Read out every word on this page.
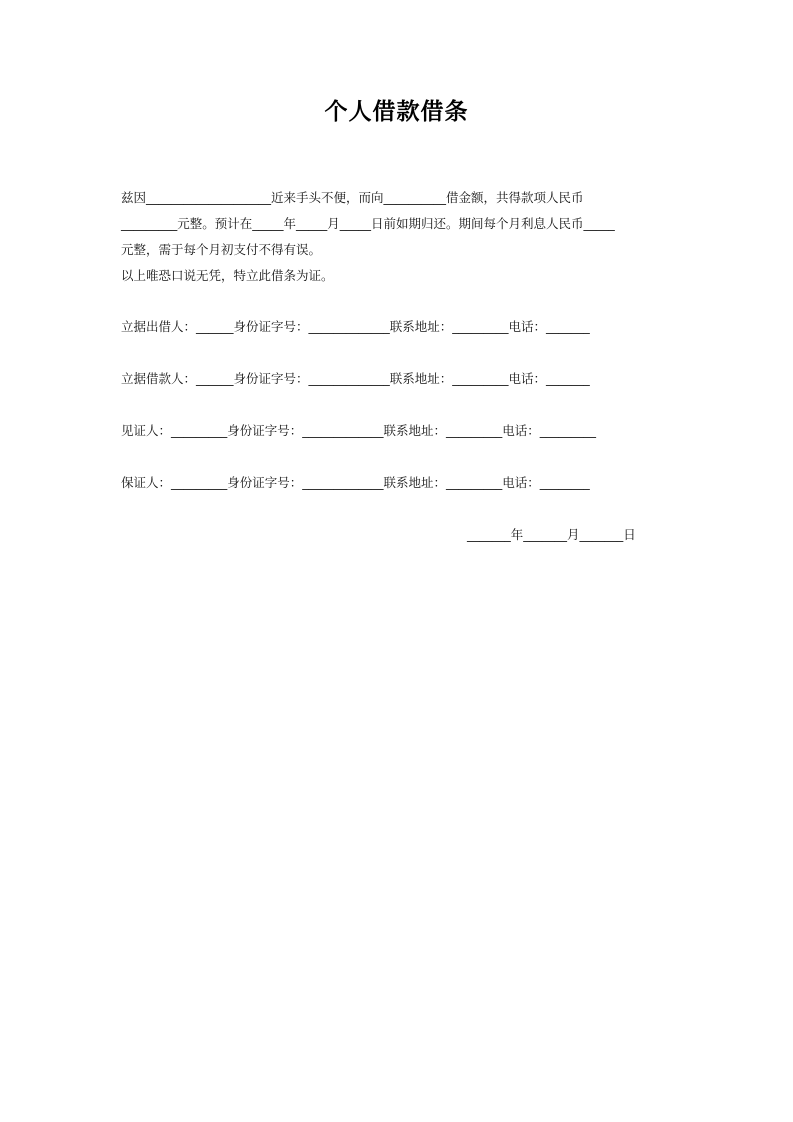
个人借款借条
兹因____________________近来手头不便，而向__________借金额，共得款项人民币
_________元整。预计在_____年_____月_____日前如期归还。期间每个月利息人民币_____
元整，需于每个月初支付不得有误。
以上唯恐口说无凭，特立此借条为证。
立据出借人：______身份证字号：_____________联系地址：_________电话：_______
立据借款人：______身份证字号：_____________联系地址：_________电话：_______
见证人：_________身份证字号：_____________联系地址：_________电话：_________
保证人：_________身份证字号：_____________联系地址：_________电话：________
_______年_______月_______日
